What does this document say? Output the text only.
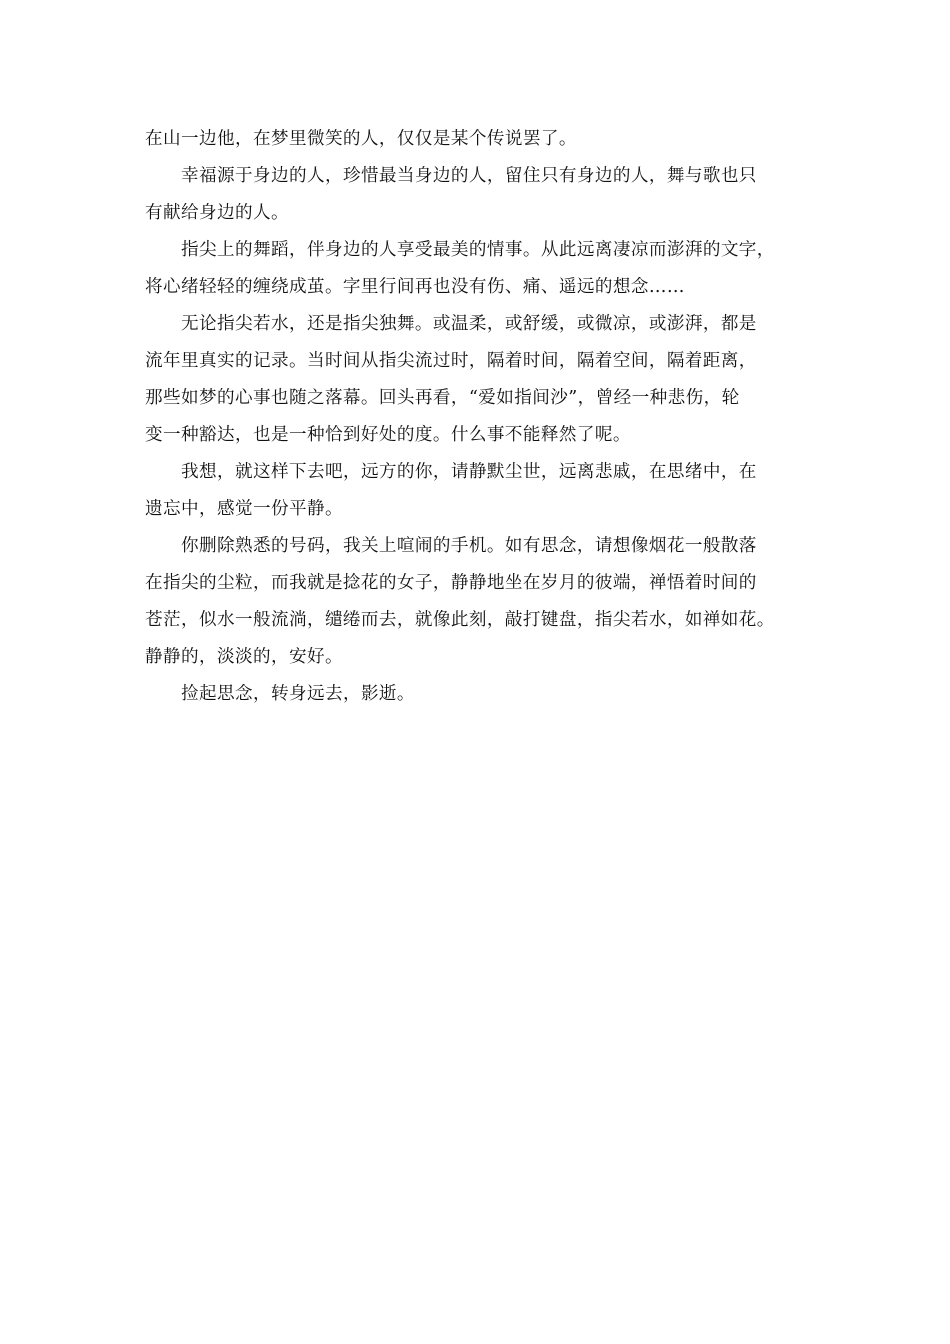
在山一边他，在梦里微笑的人，仅仅是某个传说罢了。

幸福源于身边的人，珍惜最当身边的人，留住只有身边的人，舞与歌也只
有献给身边的人。

指尖上的舞蹈，伴身边的人享受最美的情事。从此远离凄凉而澎湃的文字，
将心绪轻轻的缠绕成茧。字里行间再也没有伤、痛、遥远的想念……

无论指尖若水，还是指尖独舞。或温柔，或舒缓，或微凉，或澎湃，都是
流年里真实的记录。当时间从指尖流过时，隔着时间，隔着空间，隔着距离，
那些如梦的心事也随之落幕。回头再看，“爱如指间沙”，曾经一种悲伤，轮
变一种豁达，也是一种恰到好处的度。什么事不能释然了呢。

我想，就这样下去吧，远方的你，请静默尘世，远离悲戚，在思绪中，在
遗忘中，感觉一份平静。

你删除熟悉的号码，我关上喧闹的手机。如有思念，请想像烟花一般散落
在指尖的尘粒，而我就是捻花的女子，静静地坐在岁月的彼端，禅悟着时间的
苍茫，似水一般流淌，缱绻而去，就像此刻，敲打键盘，指尖若水，如禅如花。
静静的，淡淡的，安好。

捡起思念，转身远去，影逝。
